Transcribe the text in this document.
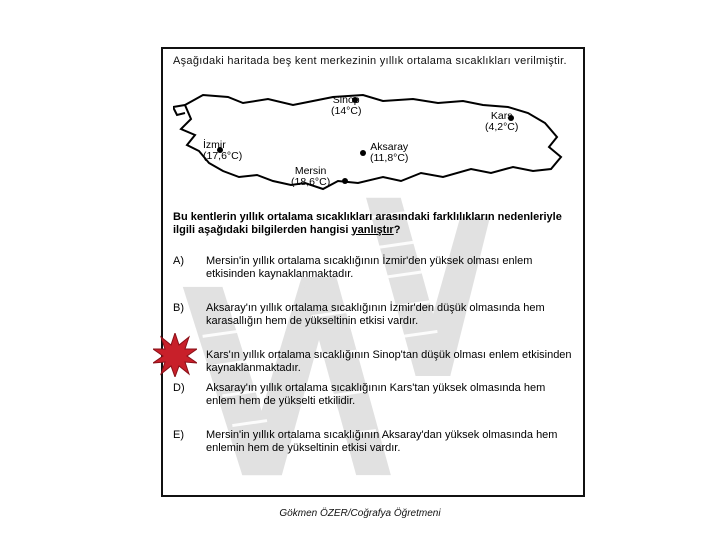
Aşağıdaki haritada beş kent merkezinin yıllık ortalama sıcaklıkları verilmiştir.
Sinop
(14°C)	Kars
(4,2°C)
İzmir
(17,6°C)
Aksaray
(11,8°C)
Mersin
(18,6°C)
Bu kentlerin yıllık ortalama sıcaklıkları arasındaki farklılıkların nedenleriyle ilgili aşağıdaki bilgilerden hangisi yanlıştır?
A)	Mersin'in yıllık ortalama sıcaklığının İzmir'den yüksek olması enlem etkisinden kaynaklanmaktadır.
B)	Aksaray'ın yıllık ortalama sıcaklığının İzmir'den düşük olmasında hem karasallığın hem de yükseltinin etkisi vardır.
Kars'ın yıllık ortalama sıcaklığının Sinop'tan düşük olması enlem etkisinden kaynaklanmaktadır.
D)	Aksaray'ın yıllık ortalama sıcaklığının Kars'tan yüksek olmasında hem enlem hem de yükselti etkilidir.
E)	Mersin'in yıllık ortalama sıcaklığının Aksaray'dan yüksek olmasında hem enlemin hem de yükseltinin etkisi vardır.
Gökmen ÖZER/Coğrafya Öğretmeni
